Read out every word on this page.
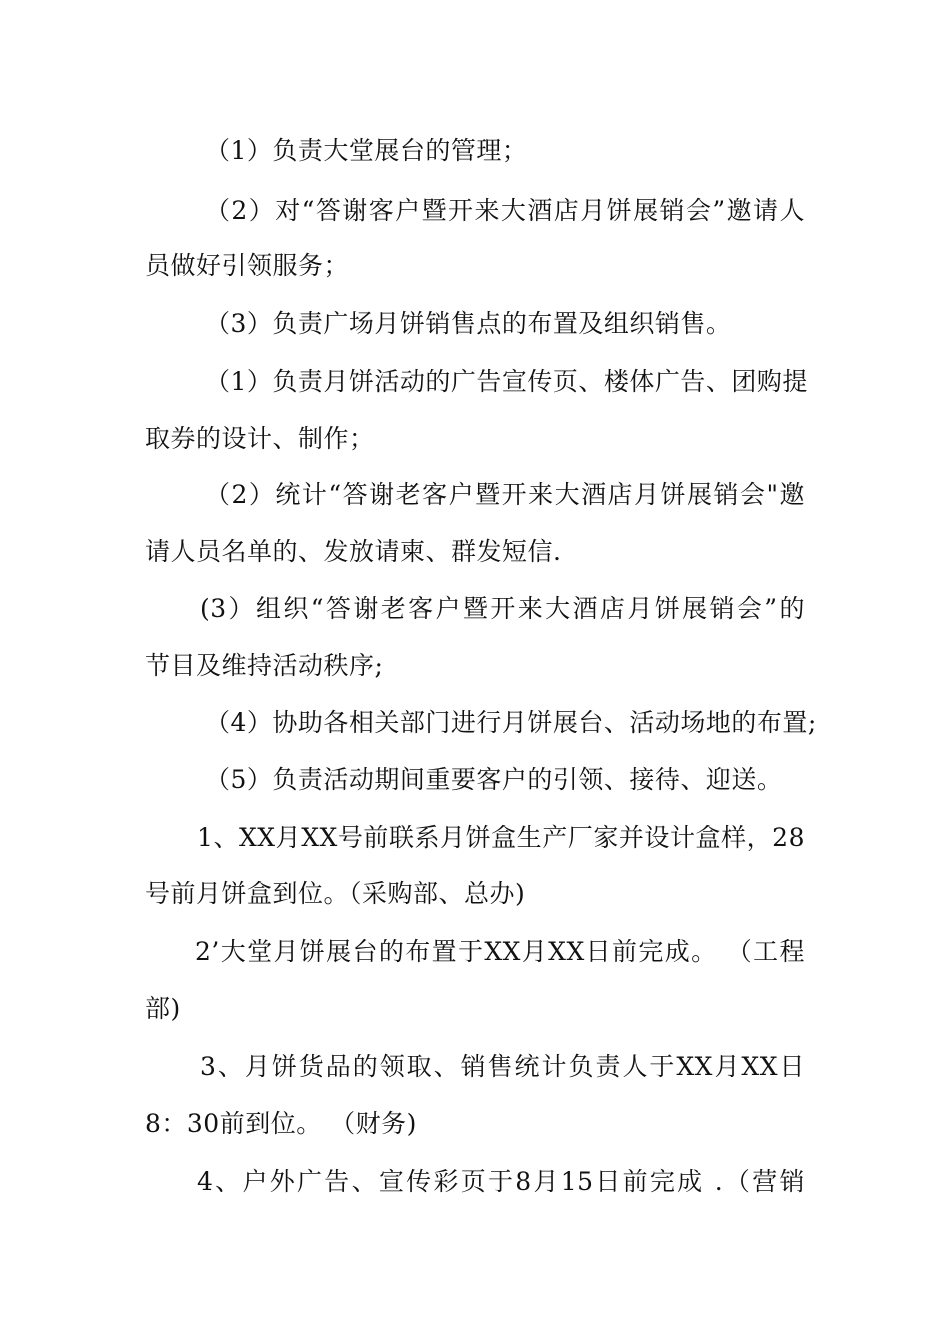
（1）负责大堂展台的管理；
（2）对“答谢客户暨开来大酒店月饼展销会”邀请人
员做好引领服务；
（3）负责广场月饼销售点的布置及组织销售。
（1）负责月饼活动的广告宣传页、楼体广告、团购提
取券的设计、制作；
（2）统计“答谢老客户暨开来大酒店月饼展销会"邀
请人员名单的、发放请柬、群发短信.
(3）组织“答谢老客户暨开来大酒店月饼展销会”的
节目及维持活动秩序;
（4）协助各相关部门进行月饼展台、活动场地的布置;
（5）负责活动期间重要客户的引领、接待、迎送。
1、XX月XX号前联系月饼盒生产厂家并设计盒样，28
号前月饼盒到位。（采购部、总办)
2’大堂月饼展台的布置于XX月XX日前完成。 （工程
部)
3、月饼货品的领取、销售统计负责人于XX月XX日
8：30前到位。 （财务)
4、户外广告、宣传彩页于8月15日前完成 .（营销
